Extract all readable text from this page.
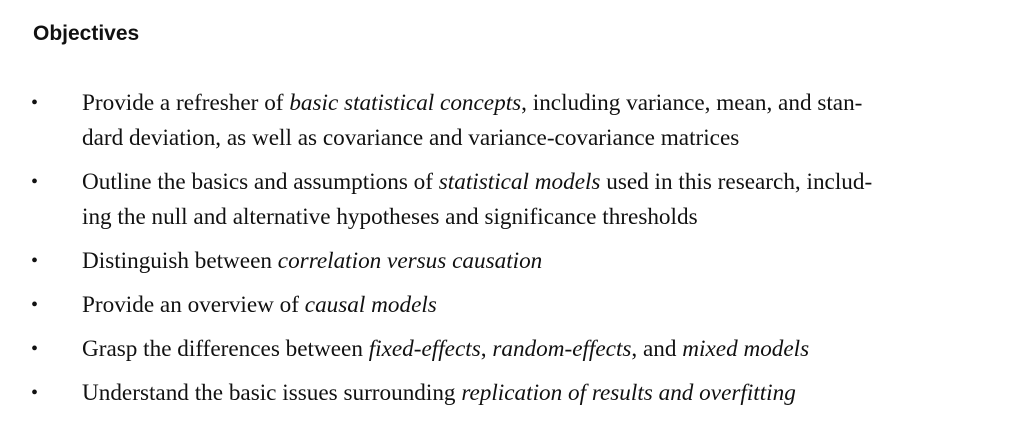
Objectives
• Provide a refresher of basic statistical concepts, including variance, mean, and stan-
dard deviation, as well as covariance and variance-covariance matrices
• Outline the basics and assumptions of statistical models used in this research, includ-
ing the null and alternative hypotheses and significance thresholds
• Distinguish between correlation versus causation
• Provide an overview of causal models
• Grasp the differences between fixed-effects, random-effects, and mixed models
• Understand the basic issues surrounding replication of results and overfitting
